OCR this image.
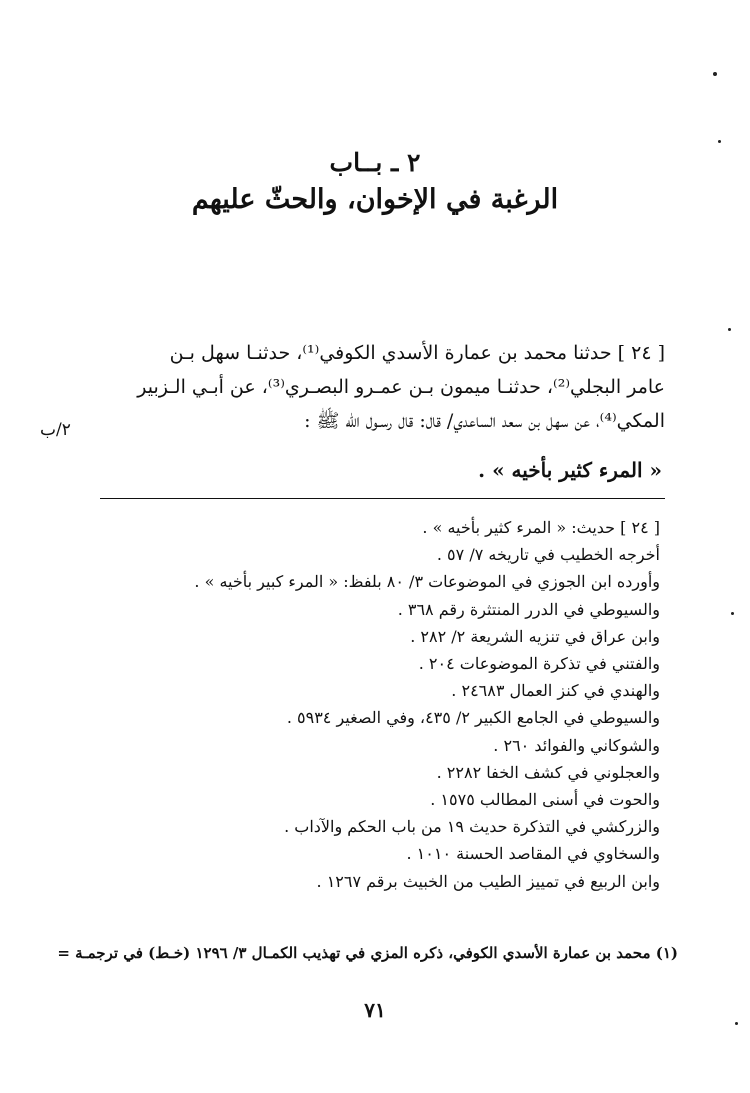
٢ ـ بــاب
الرغبة في الإخوان، والحثّ عليهم
[ ٢٤ ] حدثنا محمد بن عمارة الأسدي الكوفي⁽¹⁾، حدثنـا سهل بـن
عامر البجلي⁽²⁾، حدثنـا ميمون بـن عمـرو البصـري⁽³⁾، عن أبـي الـزبير
المكي⁽⁴⁾، عن سهل بن سعد الساعدي/ قال: قال رسـول الله ﷺ :
٢/ب
« المرء كثير بأخيه » .
[ ٢٤ ] حديث: « المرء كثير بأخيه » .
أخرجه الخطيب في تاريخه ٧/ ٥٧ .
وأورده ابن الجوزي في الموضوعات ٣/ ٨٠ بلفظ: « المرء كبير بأخيه » .
والسيوطي في الدرر المنتثرة رقم ٣٦٨ .
وابن عراق في تنزيه الشريعة ٢/ ٢٨٢ .
والفتني في تذكرة الموضوعات ٢٠٤ .
والهندي في كنز العمال ٢٤٦٨٣ .
والسيوطي في الجامع الكبير ٢/ ٤٣٥، وفي الصغير ٥٩٣٤ .
والشوكاني والفوائد ٢٦٠ .
والعجلوني في كشف الخفا ٢٢٨٢ .
والحوت في أسنى المطالب ١٥٧٥ .
والزركشي في التذكرة حديث ١٩ من باب الحكم والآداب .
والسخاوي في المقاصد الحسنة ١٠١٠ .
وابن الربيع في تمييز الطيب من الخبيث برقم ١٢٦٧ .
(١) محمد بن عمارة الأسدي الكوفي، ذكره المزي في تهذيب الكمـال ٣/ ١٢٩٦ (خـط) في ترجمـة =
٧١
